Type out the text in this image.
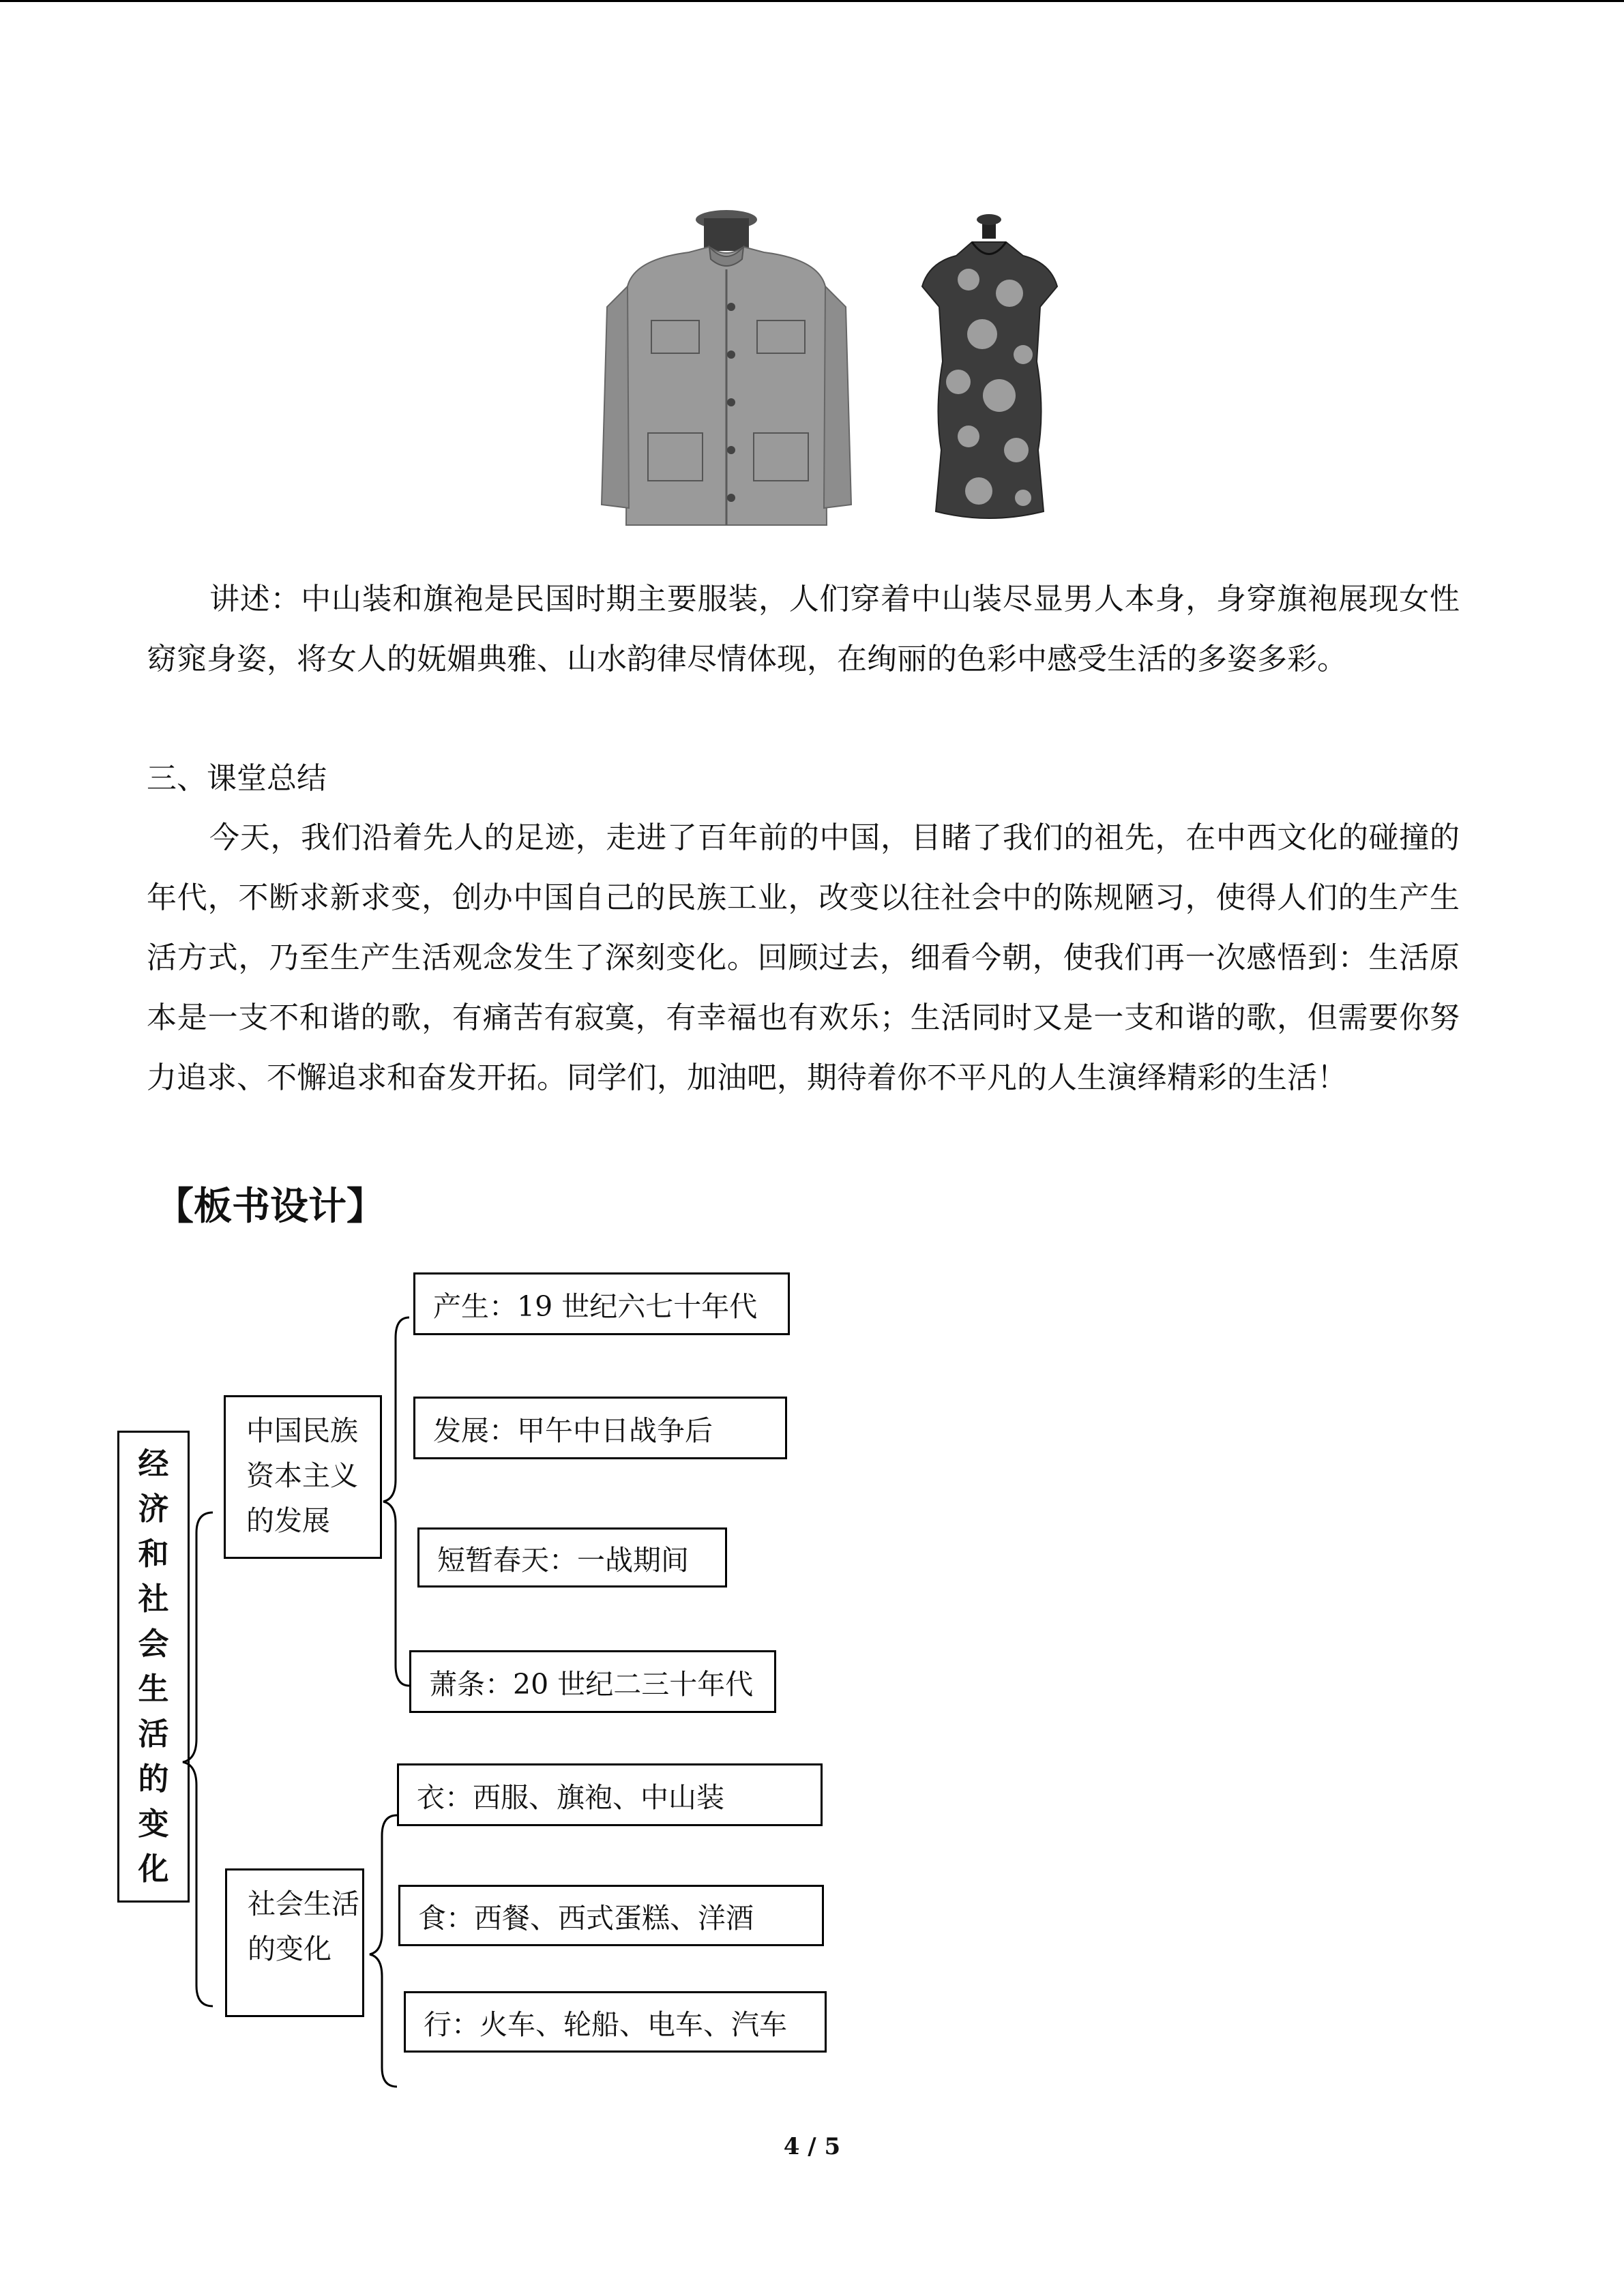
讲述：中山装和旗袍是民国时期主要服装，人们穿着中山装尽显男人本身，身穿旗袍展现女性窈窕身姿，将女人的妩媚典雅、山水韵律尽情体现，在绚丽的色彩中感受生活的多姿多彩。

三、课堂总结

今天，我们沿着先人的足迹，走进了百年前的中国，目睹了我们的祖先，在中西文化的碰撞的年代，不断求新求变，创办中国自己的民族工业，改变以往社会中的陈规陋习，使得人们的生产生活方式，乃至生产生活观念发生了深刻变化。回顾过去，细看今朝，使我们再一次感悟到：生活原本是一支不和谐的歌，有痛苦有寂寞，有幸福也有欢乐；生活同时又是一支和谐的歌，但需要你努力追求、不懈追求和奋发开拓。同学们，加油吧，期待着你不平凡的人生演绎精彩的生活！

【板书设计】

经
济
和
社
会
生
活
的
变
化
中国民族资本主义的发展
社会生活的变化
产生：19 世纪六七十年代
发展：甲午中日战争后
短暂春天：一战期间
萧条：20 世纪二三十年代
衣：西服、旗袍、中山装
食：西餐、西式蛋糕、洋酒
行：火车、轮船、电车、汽车
4 / 5
